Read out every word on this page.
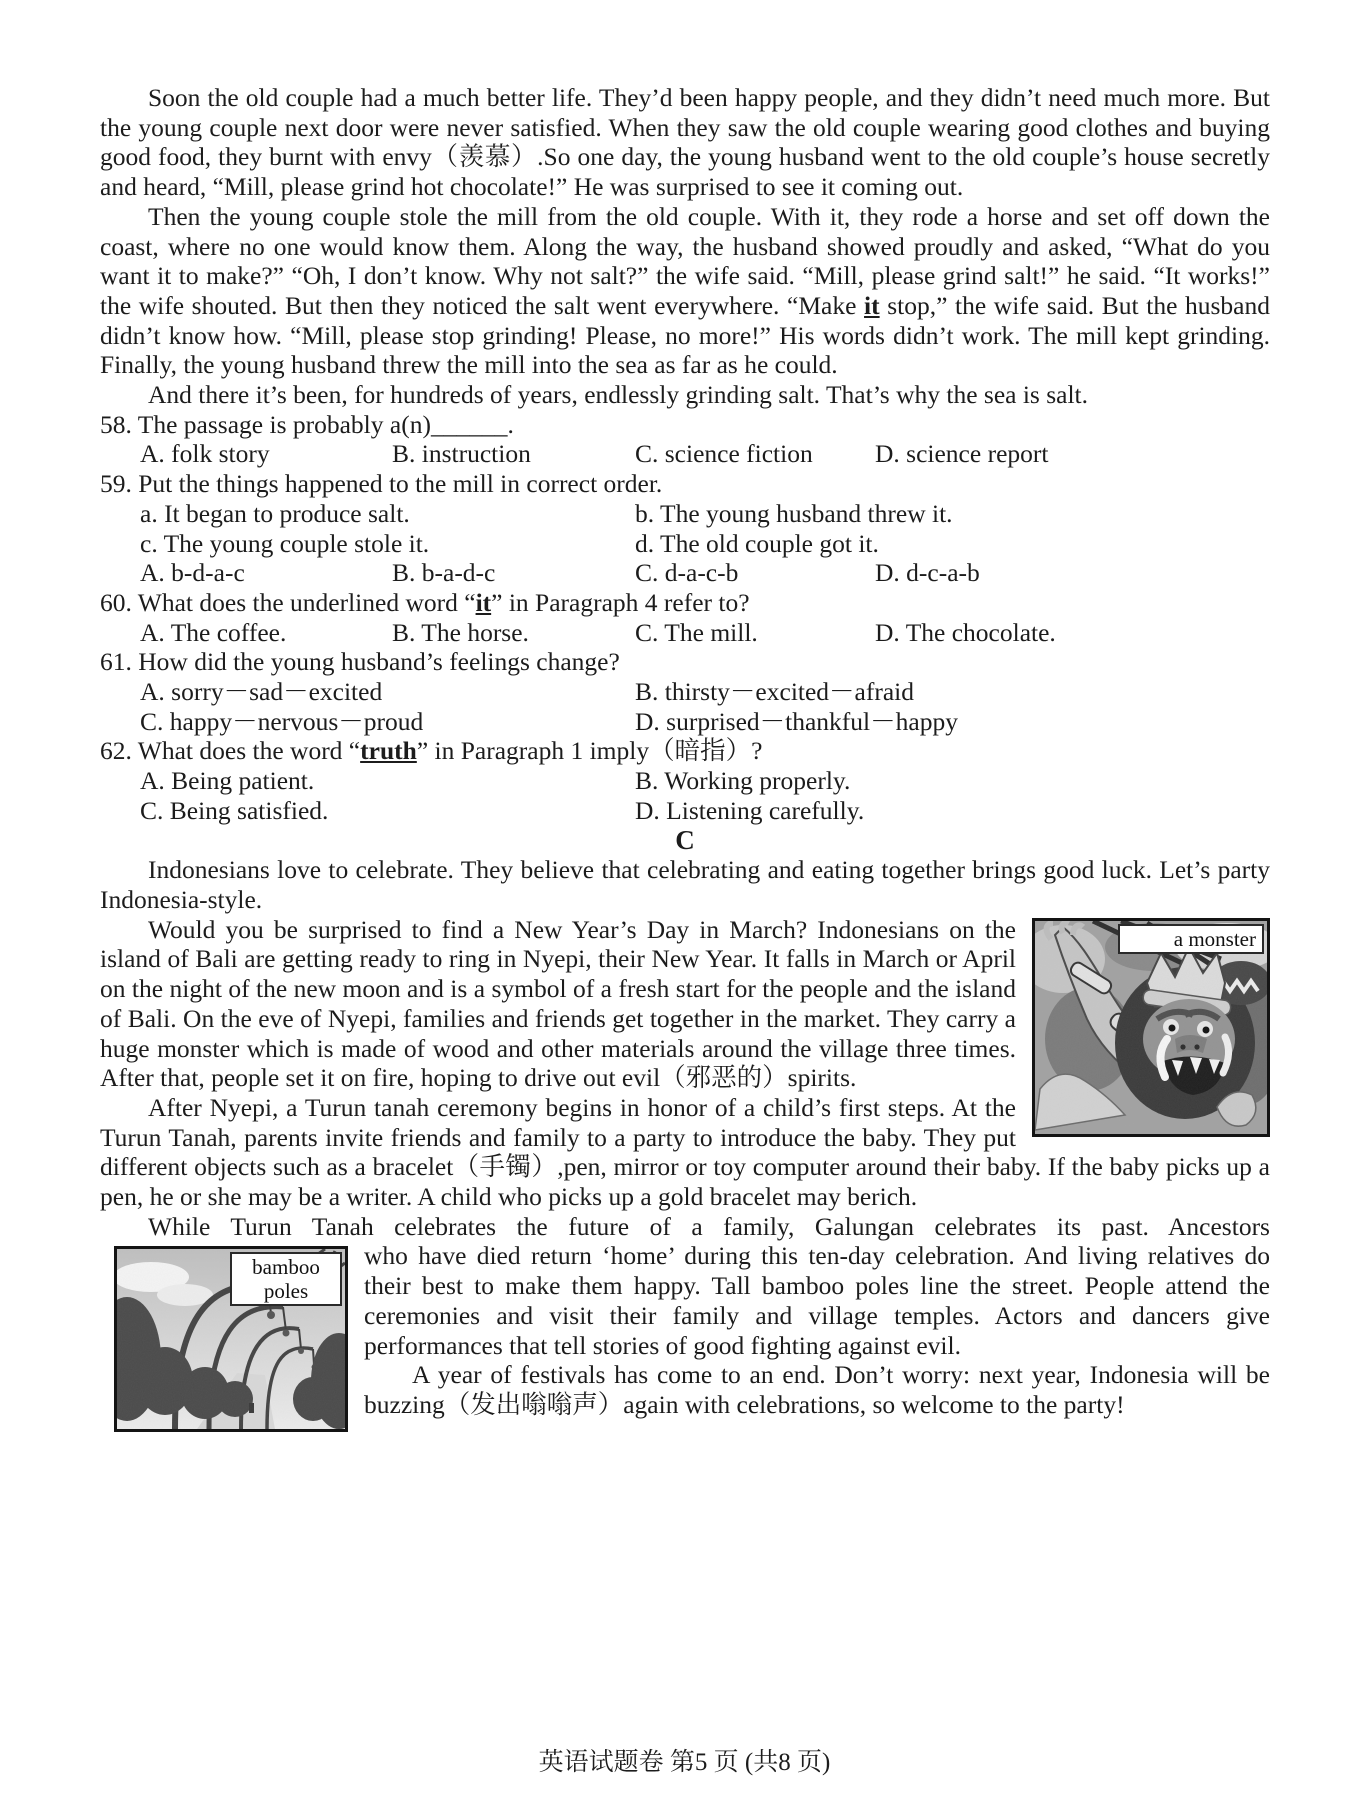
Soon the old couple had a much better life. They’d been happy people, and they didn’t need much more. But the young couple next door were never satisfied. When they saw the old couple wearing good clothes and buying good food, they burnt with envy（羡慕）.So one day, the young husband went to the old couple’s house secretly and heard, “Mill, please grind hot chocolate!” He was surprised to see it coming out.

Then the young couple stole the mill from the old couple. With it, they rode a horse and set off down the coast, where no one would know them. Along the way, the husband showed proudly and asked, “What do you want it to make?” “Oh, I don’t know. Why not salt?” the wife said. “Mill, please grind salt!” he said. “It works!” the wife shouted. But then they noticed the salt went everywhere. “Make it stop,” the wife said. But the husband didn’t know how. “Mill, please stop grinding! Please, no more!” His words didn’t work. The mill kept grinding. Finally, the young husband threw the mill into the sea as far as he could.

And there it’s been, for hundreds of years, endlessly grinding salt. That’s why the sea is salt.

58. The passage is probably a(n)______.

A. folk story	B. instruction	C. science fiction	D. science report

59. Put the things happened to the mill in correct order.

a. It began to produce salt.	b. The young husband threw it.
c. The young couple stole it.	d. The old couple got it.
A. b-d-a-c	B. b-a-d-c	C. d-a-c-b	D. d-c-a-b

60. What does the underlined word “it” in Paragraph 4 refer to?

A. The coffee.	B. The horse.	C. The mill.	D. The chocolate.

61. How did the young husband’s feelings change?

A. sorry－sad－excited	B. thirsty－excited－afraid
C. happy－nervous－proud	D. surprised－thankful－happy

62. What does the word “truth” in Paragraph 1 imply（暗指）?

A. Being patient.	B. Working properly.
C. Being satisfied.	D. Listening carefully.
C

Indonesians love to celebrate. They believe that celebrating and eating together brings good luck. Let’s party Indonesia-style.

a monster
Would you be surprised to find a New Year’s Day in March? Indonesians on the island of Bali are getting ready to ring in Nyepi, their New Year. It falls in March or April on the night of the new moon and is a symbol of a fresh start for the people and the island of Bali. On the eve of Nyepi, families and friends get together in the market. They carry a huge monster which is made of wood and other materials around the village three times. After that, people set it on fire, hoping to drive out evil（邪恶的）spirits.

After Nyepi, a Turun tanah ceremony begins in honor of a child’s first steps. At the Turun Tanah, parents invite friends and family to a party to introduce the baby. They put different objects such as a bracelet（手镯）,pen, mirror or toy computer around their baby. If the baby picks up a pen, he or she may be a writer. A child who picks up a gold bracelet may berich.

While Turun Tanah celebrates the future of a family, Galungan celebrates its past. Ancestors
bamboo poles

who have died return ‘home’ during this ten-day celebration. And living relatives do their best to make them happy. Tall bamboo poles line the street. People attend the ceremonies and visit their family and village temples. Actors and dancers give performances that tell stories of good fighting against evil.

A year of festivals has come to an end. Don’t worry: next year, Indonesia will be buzzing（发出嗡嗡声）again with celebrations, so welcome to the party!

英语试题卷 第5 页 (共8 页)
